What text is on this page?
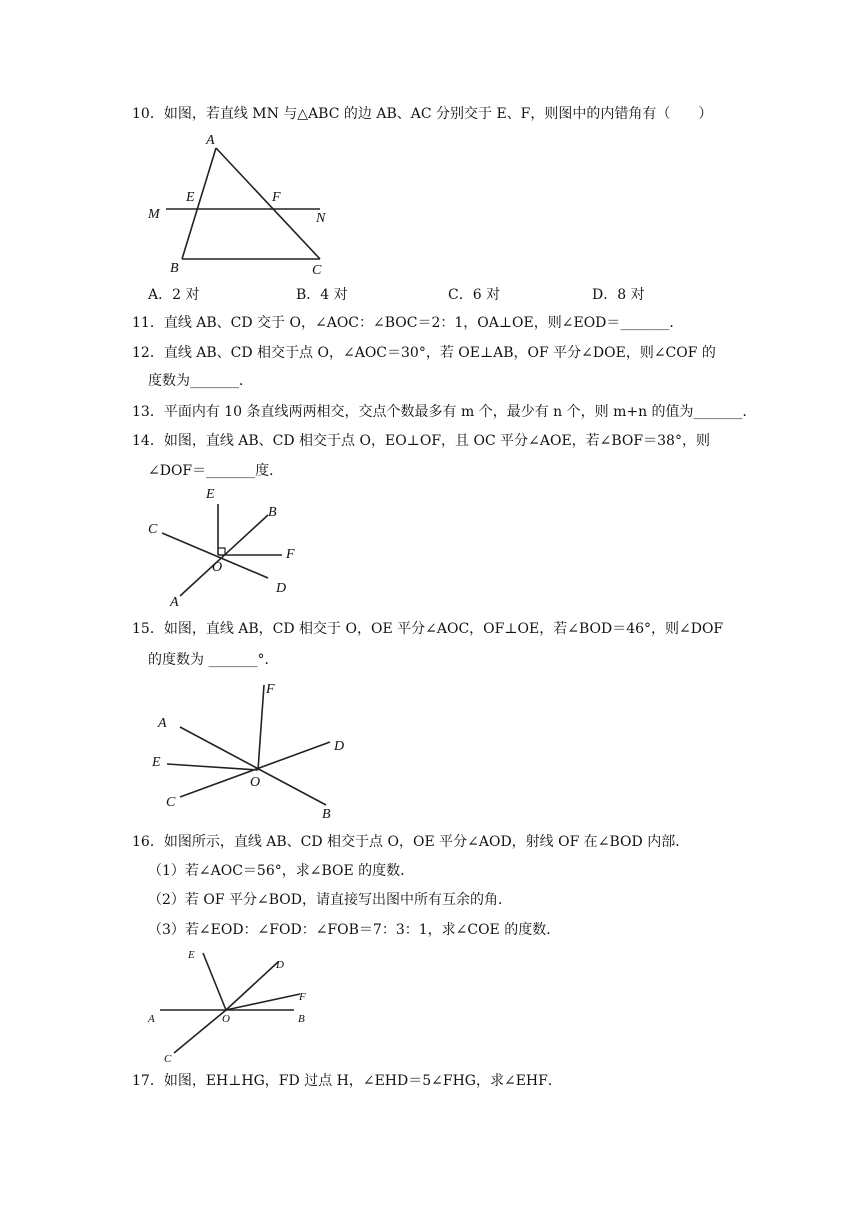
10．如图，若直线 MN 与△ABC 的边 AB、AC 分别交于 E、F，则图中的内错角有（　　）
A
E	F
M	N
B	C
A．2 对	B．4 对	C．6 对	D．8 对
11．直线 AB、CD 交于 O，∠AOC：∠BOC＝2：1，OA⊥OE，则∠EOD＝_______．
12．直线 AB、CD 相交于点 O，∠AOC＝30°，若 OE⊥AB，OF 平分∠DOE，则∠COF 的
度数为_______．
13．平面内有 10 条直线两两相交，交点个数最多有 m 个，最少有 n 个，则 m+n 的值为_______．
14．如图，直线 AB、CD 相交于点 O，EO⊥OF，且 OC 平分∠AOE，若∠BOF＝38°，则
∠DOF＝_______度．
E
B
C
F
O
D
A
15．如图，直线 AB，CD 相交于 O，OE 平分∠AOC，OF⊥OE，若∠BOD＝46°，则∠DOF
的度数为 _______°．
F
A
D
E
O
C
B
16．如图所示，直线 AB、CD 相交于点 O，OE 平分∠AOD，射线 OF 在∠BOD 内部．
（1）若∠AOC＝56°，求∠BOE 的度数．
（2）若 OF 平分∠BOD，请直接写出图中所有互余的角．
（3）若∠EOD：∠FOD：∠FOB＝7：3：1，求∠COE 的度数．
E
D
F
A	O	B
C
17．如图，EH⊥HG，FD 过点 H，∠EHD＝5∠FHG，求∠EHF．
